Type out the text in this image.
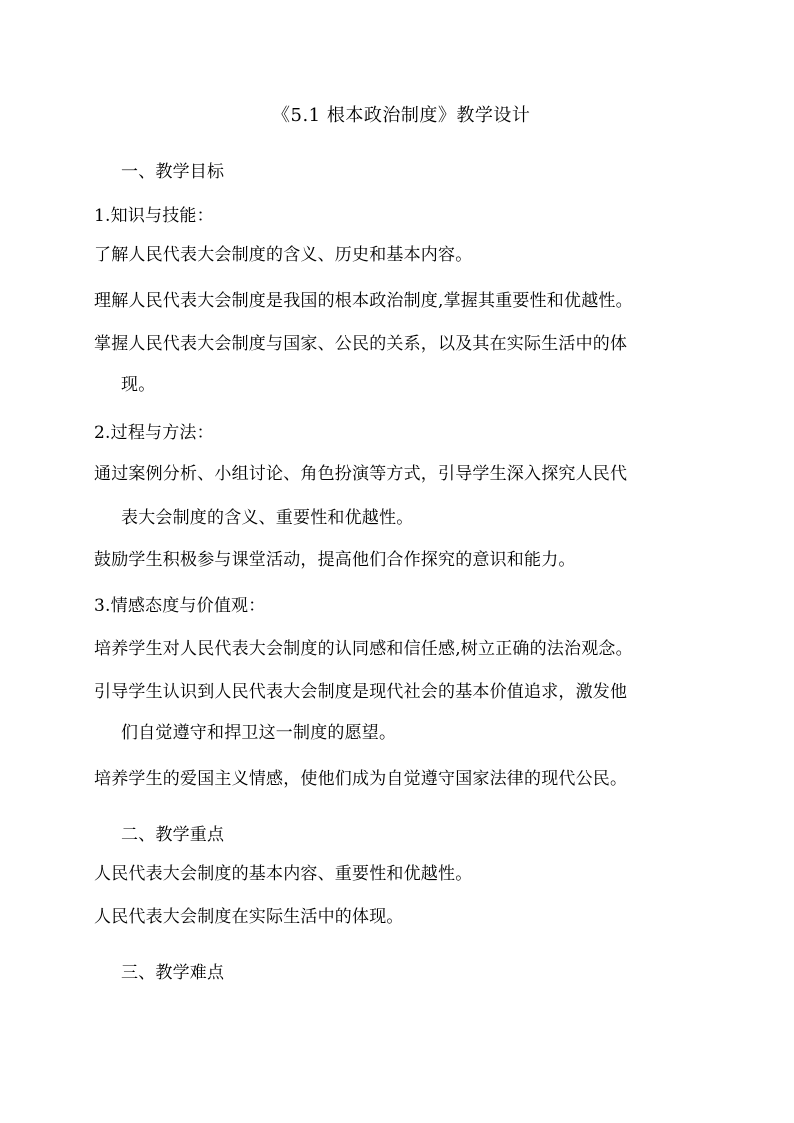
《5.1 根本政治制度》教学设计
一、教学目标
1.知识与技能：
了解人民代表大会制度的含义、历史和基本内容。
理解人民代表大会制度是我国的根本政治制度,掌握其重要性和优越性。
掌握人民代表大会制度与国家、公民的关系，以及其在实际生活中的体
现。
2.过程与方法：
通过案例分析、小组讨论、角色扮演等方式，引导学生深入探究人民代
表大会制度的含义、重要性和优越性。
鼓励学生积极参与课堂活动，提高他们合作探究的意识和能力。
3.情感态度与价值观：
培养学生对人民代表大会制度的认同感和信任感,树立正确的法治观念。
引导学生认识到人民代表大会制度是现代社会的基本价值追求，激发他
们自觉遵守和捍卫这一制度的愿望。
培养学生的爱国主义情感，使他们成为自觉遵守国家法律的现代公民。
二、教学重点
人民代表大会制度的基本内容、重要性和优越性。
人民代表大会制度在实际生活中的体现。
三、教学难点
